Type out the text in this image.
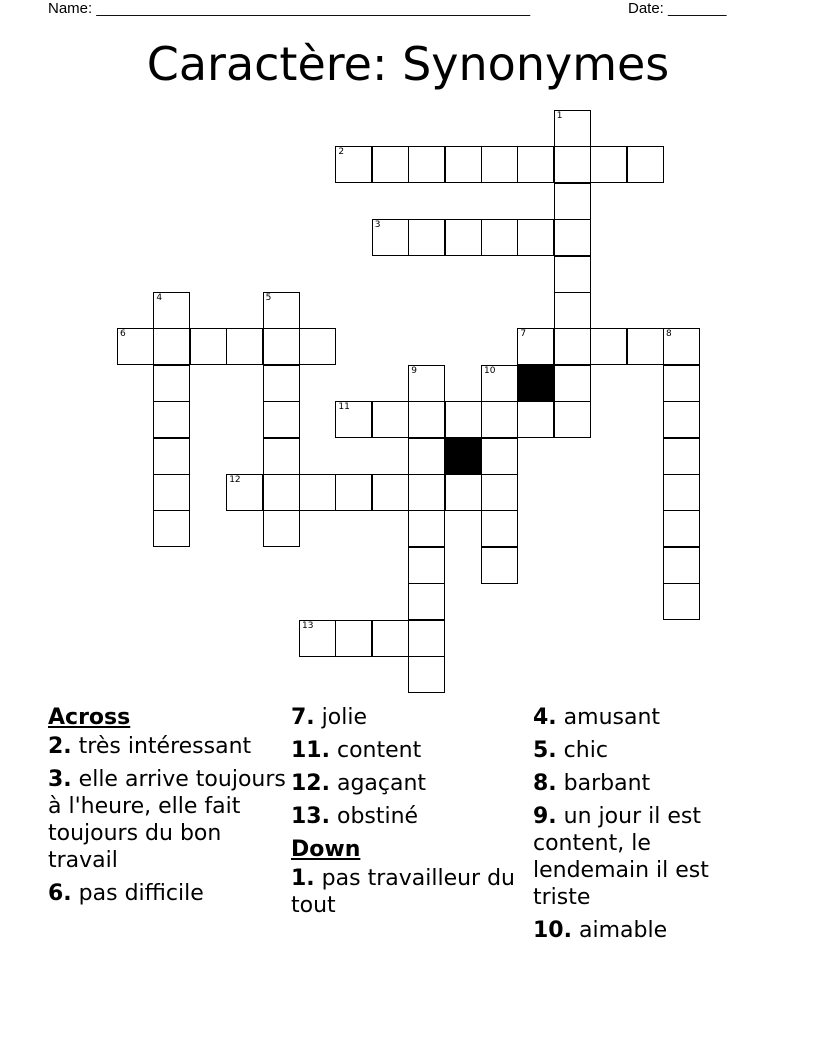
Name: ____________________________________________________	Date: _______
Caractère: Synonymes
2
3
6	7	8
11
12
13
1
4	5
9	10
Across
2. très intéressant
3. elle arrive toujours à l'heure, elle fait toujours du bon travail
6. pas difficile
7. jolie
11. content
12. agaçant
13. obstiné
Down
1. pas travailleur du tout
4. amusant
5. chic
8. barbant
9. un jour il est content, le lendemain il est triste
10. aimable
